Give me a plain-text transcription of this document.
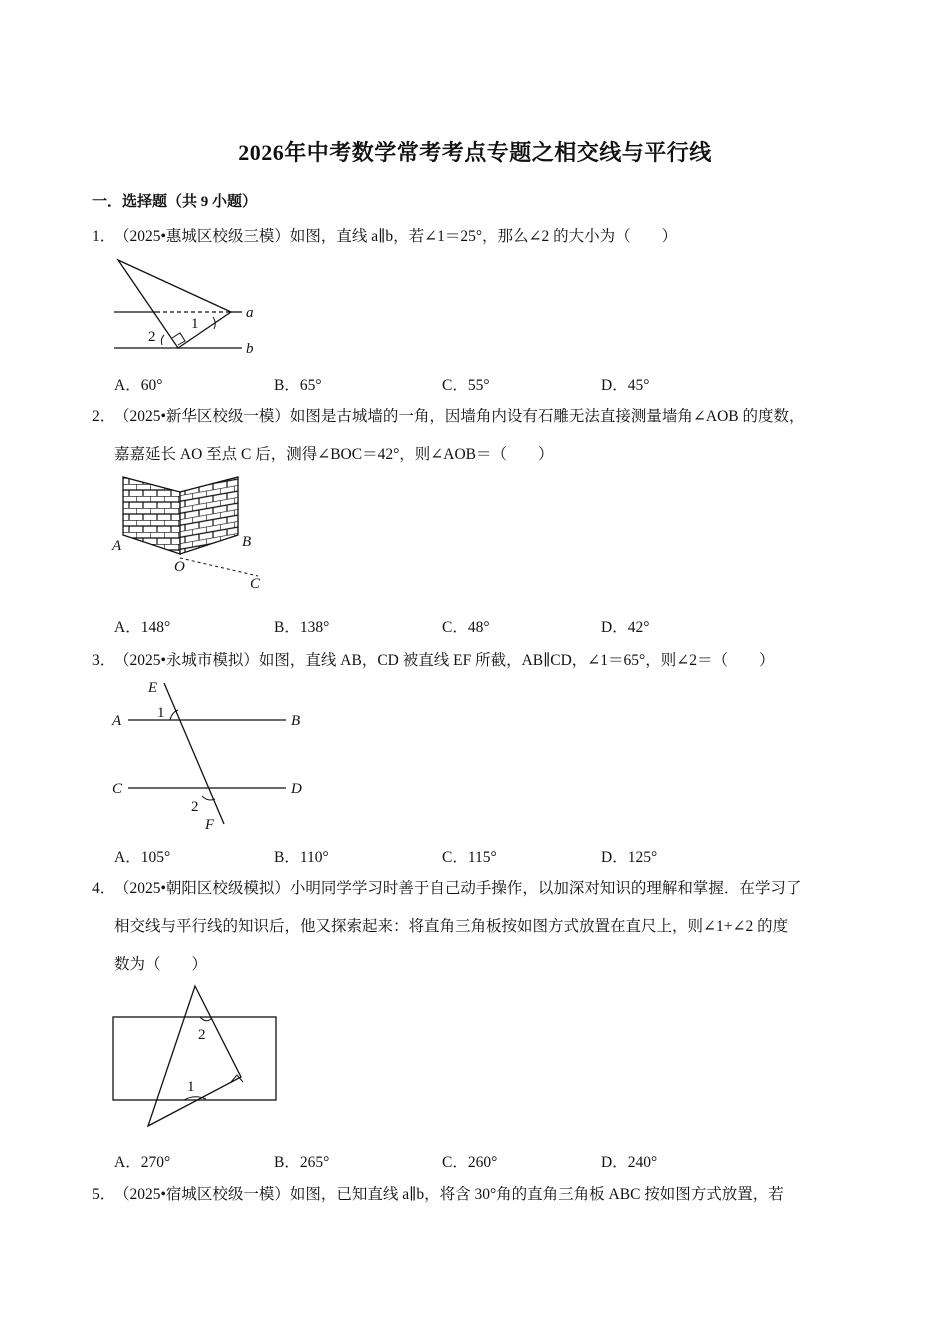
2026年中考数学常考考点专题之相交线与平行线
一．选择题（共 9 小题）
1．（2025•惠城区校级三模）如图，直线 a∥b，若∠1＝25°，那么∠2 的大小为（　　）
a
b
1
2
A．60°	B．65°	C．55°	D．45°
2．（2025•新华区校级一模）如图是古城墙的一角，因墙角内设有石雕无法直接测量墙角∠AOB 的度数，
嘉嘉延长 AO 至点 C 后，测得∠BOC＝42°，则∠AOB＝（　　）
A	B
O
C
A．148°	B．138°	C．48°	D．42°
3．（2025•永城市模拟）如图，直线 AB，CD 被直线 EF 所截，AB∥CD，∠1＝65°，则∠2＝（　　）
E
A	B
C	D
F
1
2
A．105°	B．110°	C．115°	D．125°
4．（2025•朝阳区校级模拟）小明同学学习时善于自己动手操作，以加深对知识的理解和掌握．在学习了
相交线与平行线的知识后，他又探索起来：将直角三角板按如图方式放置在直尺上，则∠1+∠2 的度
数为（　　）
2
1
A．270°	B．265°	C．260°	D．240°
5．（2025•宿城区校级一模）如图，已知直线 a∥b，将含 30°角的直角三角板 ABC 按如图方式放置，若
